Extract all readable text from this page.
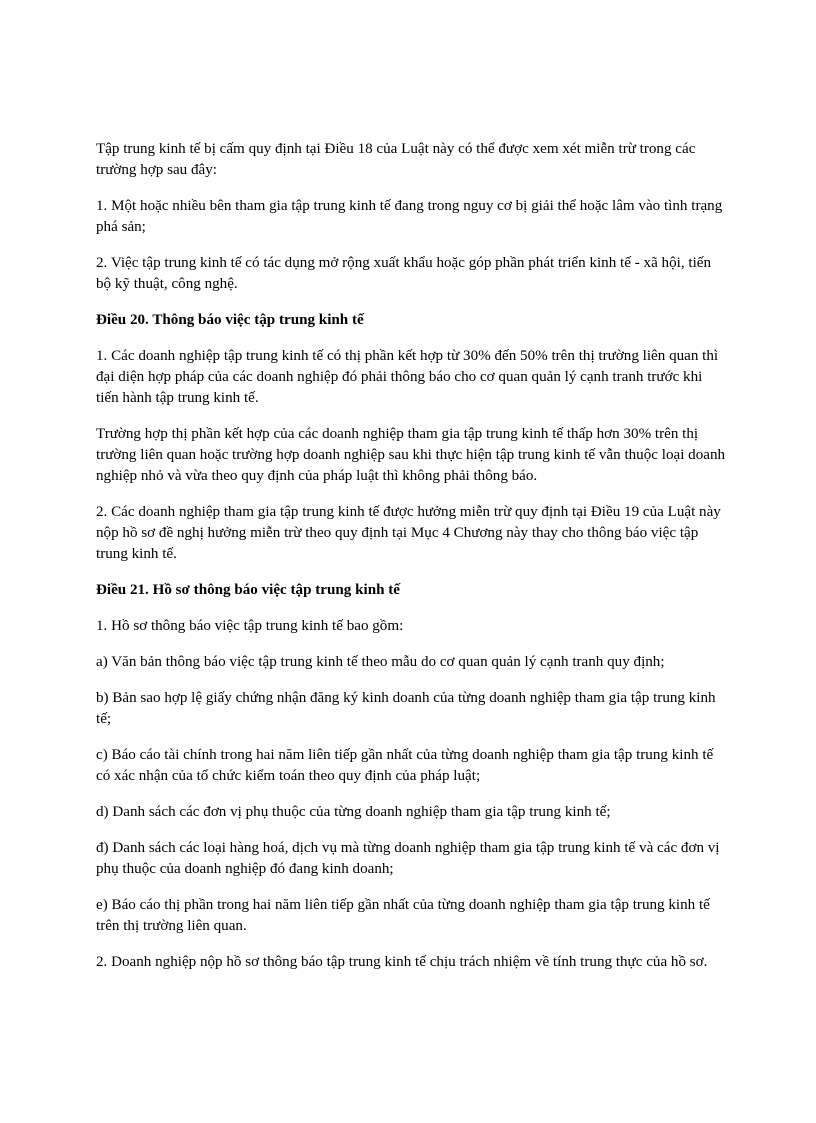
Tập trung kinh tế bị cấm quy định tại Điều 18 của Luật này có thể được xem xét miễn trừ trong các trường hợp sau đây:

1. Một hoặc nhiều bên tham gia tập trung kinh tế đang trong nguy cơ bị giải thể hoặc lâm vào tình trạng phá sản;

2. Việc tập trung kinh tế có tác dụng mở rộng xuất khẩu hoặc góp phần phát triển kinh tế - xã hội, tiến bộ kỹ thuật, công nghệ.

Điều 20. Thông báo việc tập trung kinh tế

1. Các doanh nghiệp tập trung kinh tế có thị phần kết hợp từ 30% đến 50% trên thị trường liên quan thì đại diện hợp pháp của các doanh nghiệp đó phải thông báo cho cơ quan quản lý cạnh tranh trước khi tiến hành tập trung kinh tế.

Trường hợp thị phần kết hợp của các doanh nghiệp tham gia tập trung kinh tế thấp hơn 30% trên thị trường liên quan hoặc trường hợp doanh nghiệp sau khi thực hiện tập trung kinh tế vẫn thuộc loại doanh nghiệp nhỏ và vừa theo quy định của pháp luật thì không phải thông báo.

2. Các doanh nghiệp tham gia tập trung kinh tế được hưởng miễn trừ quy định tại Điều 19 của Luật này nộp hồ sơ đề nghị hưởng miễn trừ theo quy định tại Mục 4 Chương này thay cho thông báo việc tập trung kinh tế.

Điều 21. Hồ sơ thông báo việc tập trung kinh tế

1. Hồ sơ thông báo việc tập trung kinh tế bao gồm:

a) Văn bản thông báo việc tập trung kinh tế theo mẫu do cơ quan quản lý cạnh tranh quy định;

b) Bản sao hợp lệ giấy chứng nhận đăng ký kinh doanh của từng doanh nghiệp tham gia tập trung kinh tế;

c) Báo cáo tài chính trong hai năm liên tiếp gần nhất của từng doanh nghiệp tham gia tập trung kinh tế có xác nhận của tổ chức kiểm toán theo quy định của pháp luật;

d) Danh sách các đơn vị phụ thuộc của từng doanh nghiệp tham gia tập trung kinh tế;

đ) Danh sách các loại hàng hoá, dịch vụ mà từng doanh nghiệp tham gia tập trung kinh tế và các đơn vị phụ thuộc của doanh nghiệp đó đang kinh doanh;

e) Báo cáo thị phần trong hai năm liên tiếp gần nhất của từng doanh nghiệp tham gia tập trung kinh tế trên thị trường liên quan.

2. Doanh nghiệp nộp hồ sơ thông báo tập trung kinh tế chịu trách nhiệm về tính trung thực của hồ sơ.
